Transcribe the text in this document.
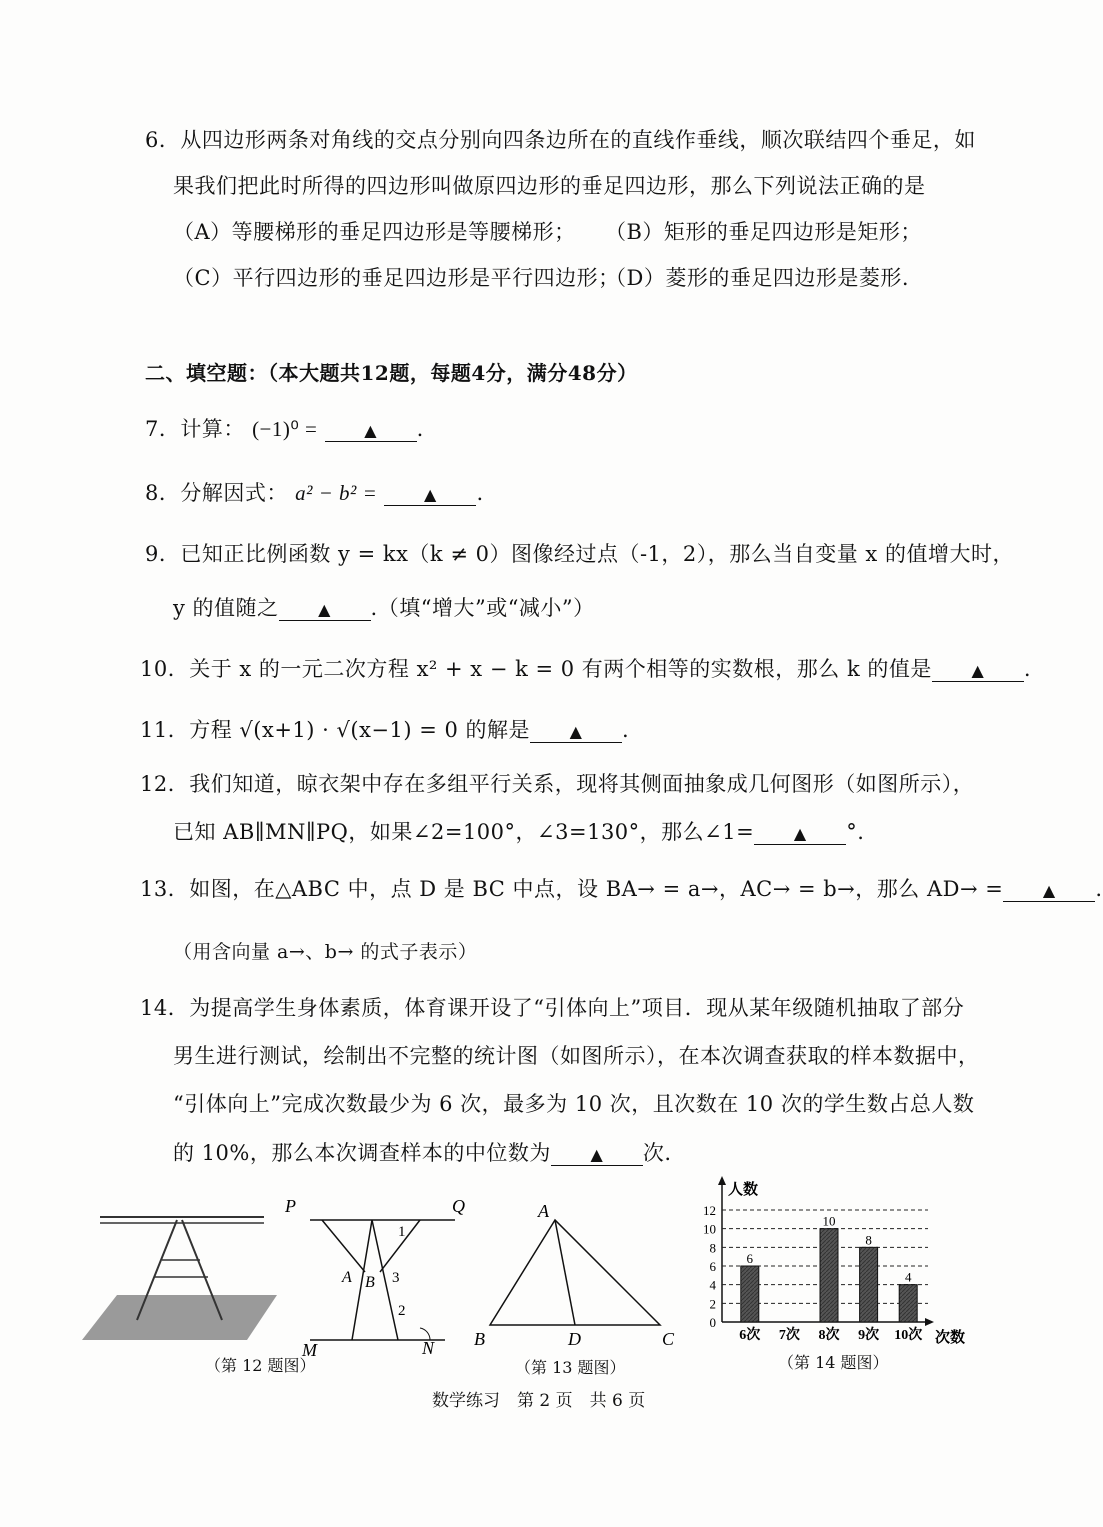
6．从四边形两条对角线的交点分别向四条边所在的直线作垂线，顺次联结四个垂足，如
果我们把此时所得的四边形叫做原四边形的垂足四边形，那么下列说法正确的是
（A）等腰梯形的垂足四边形是等腰梯形； （B）矩形的垂足四边形是矩形；
（C）平行四边形的垂足四边形是平行四边形；
（D）菱形的垂足四边形是菱形.
二、填空题：（本大题共12题，每题4分，满分48分）
7．计算： (−1)⁰ =	▲ .
8．分解因式： a² − b² =	▲ .
9．已知正比例函数 y = kx（k ≠ 0）图像经过点（-1，2），那么当自变量 x 的值增大时，
y 的值随之 ▲ .（填“增大”或“减小”）
10．关于 x 的一元二次方程 x² + x − k = 0 有两个相等的实数根，那么 k 的值是 ▲ .
11．方程 √(x+1) · √(x−1) = 0 的解是 ▲ .
12．我们知道，晾衣架中存在多组平行关系，现将其侧面抽象成几何图形（如图所示），
已知 AB∥MN∥PQ，如果∠2=100°，∠3=130°，那么∠1= ▲ °.
13．如图，在△ABC 中，点 D 是 BC 中点，设 BA→ = a→，AC→ = b→，那么 AD→ = ▲ .
（用含向量 a→、b→ 的式子表示）
14．为提高学生身体素质，体育课开设了“引体向上”项目．现从某年级随机抽取了部分
男生进行测试，绘制出不完整的统计图（如图所示），在本次调查获取的样本数据中，
“引体向上”完成次数最少为 6 次，最多为 10 次，且次数在 10 次的学生数占总人数
的 10%，那么本次调查样本的中位数为 ▲ 次.
P	Q
A B
1
3
2
M	N
（第 12 题图）
A
B	D	C
（第 13 题图）
人数
次数
0
2
4
6
8
10
12
6
6次 7次
10
8次
8
9次
4
10次
（第 14 题图）
数学练习　第 2 页　共 6 页
